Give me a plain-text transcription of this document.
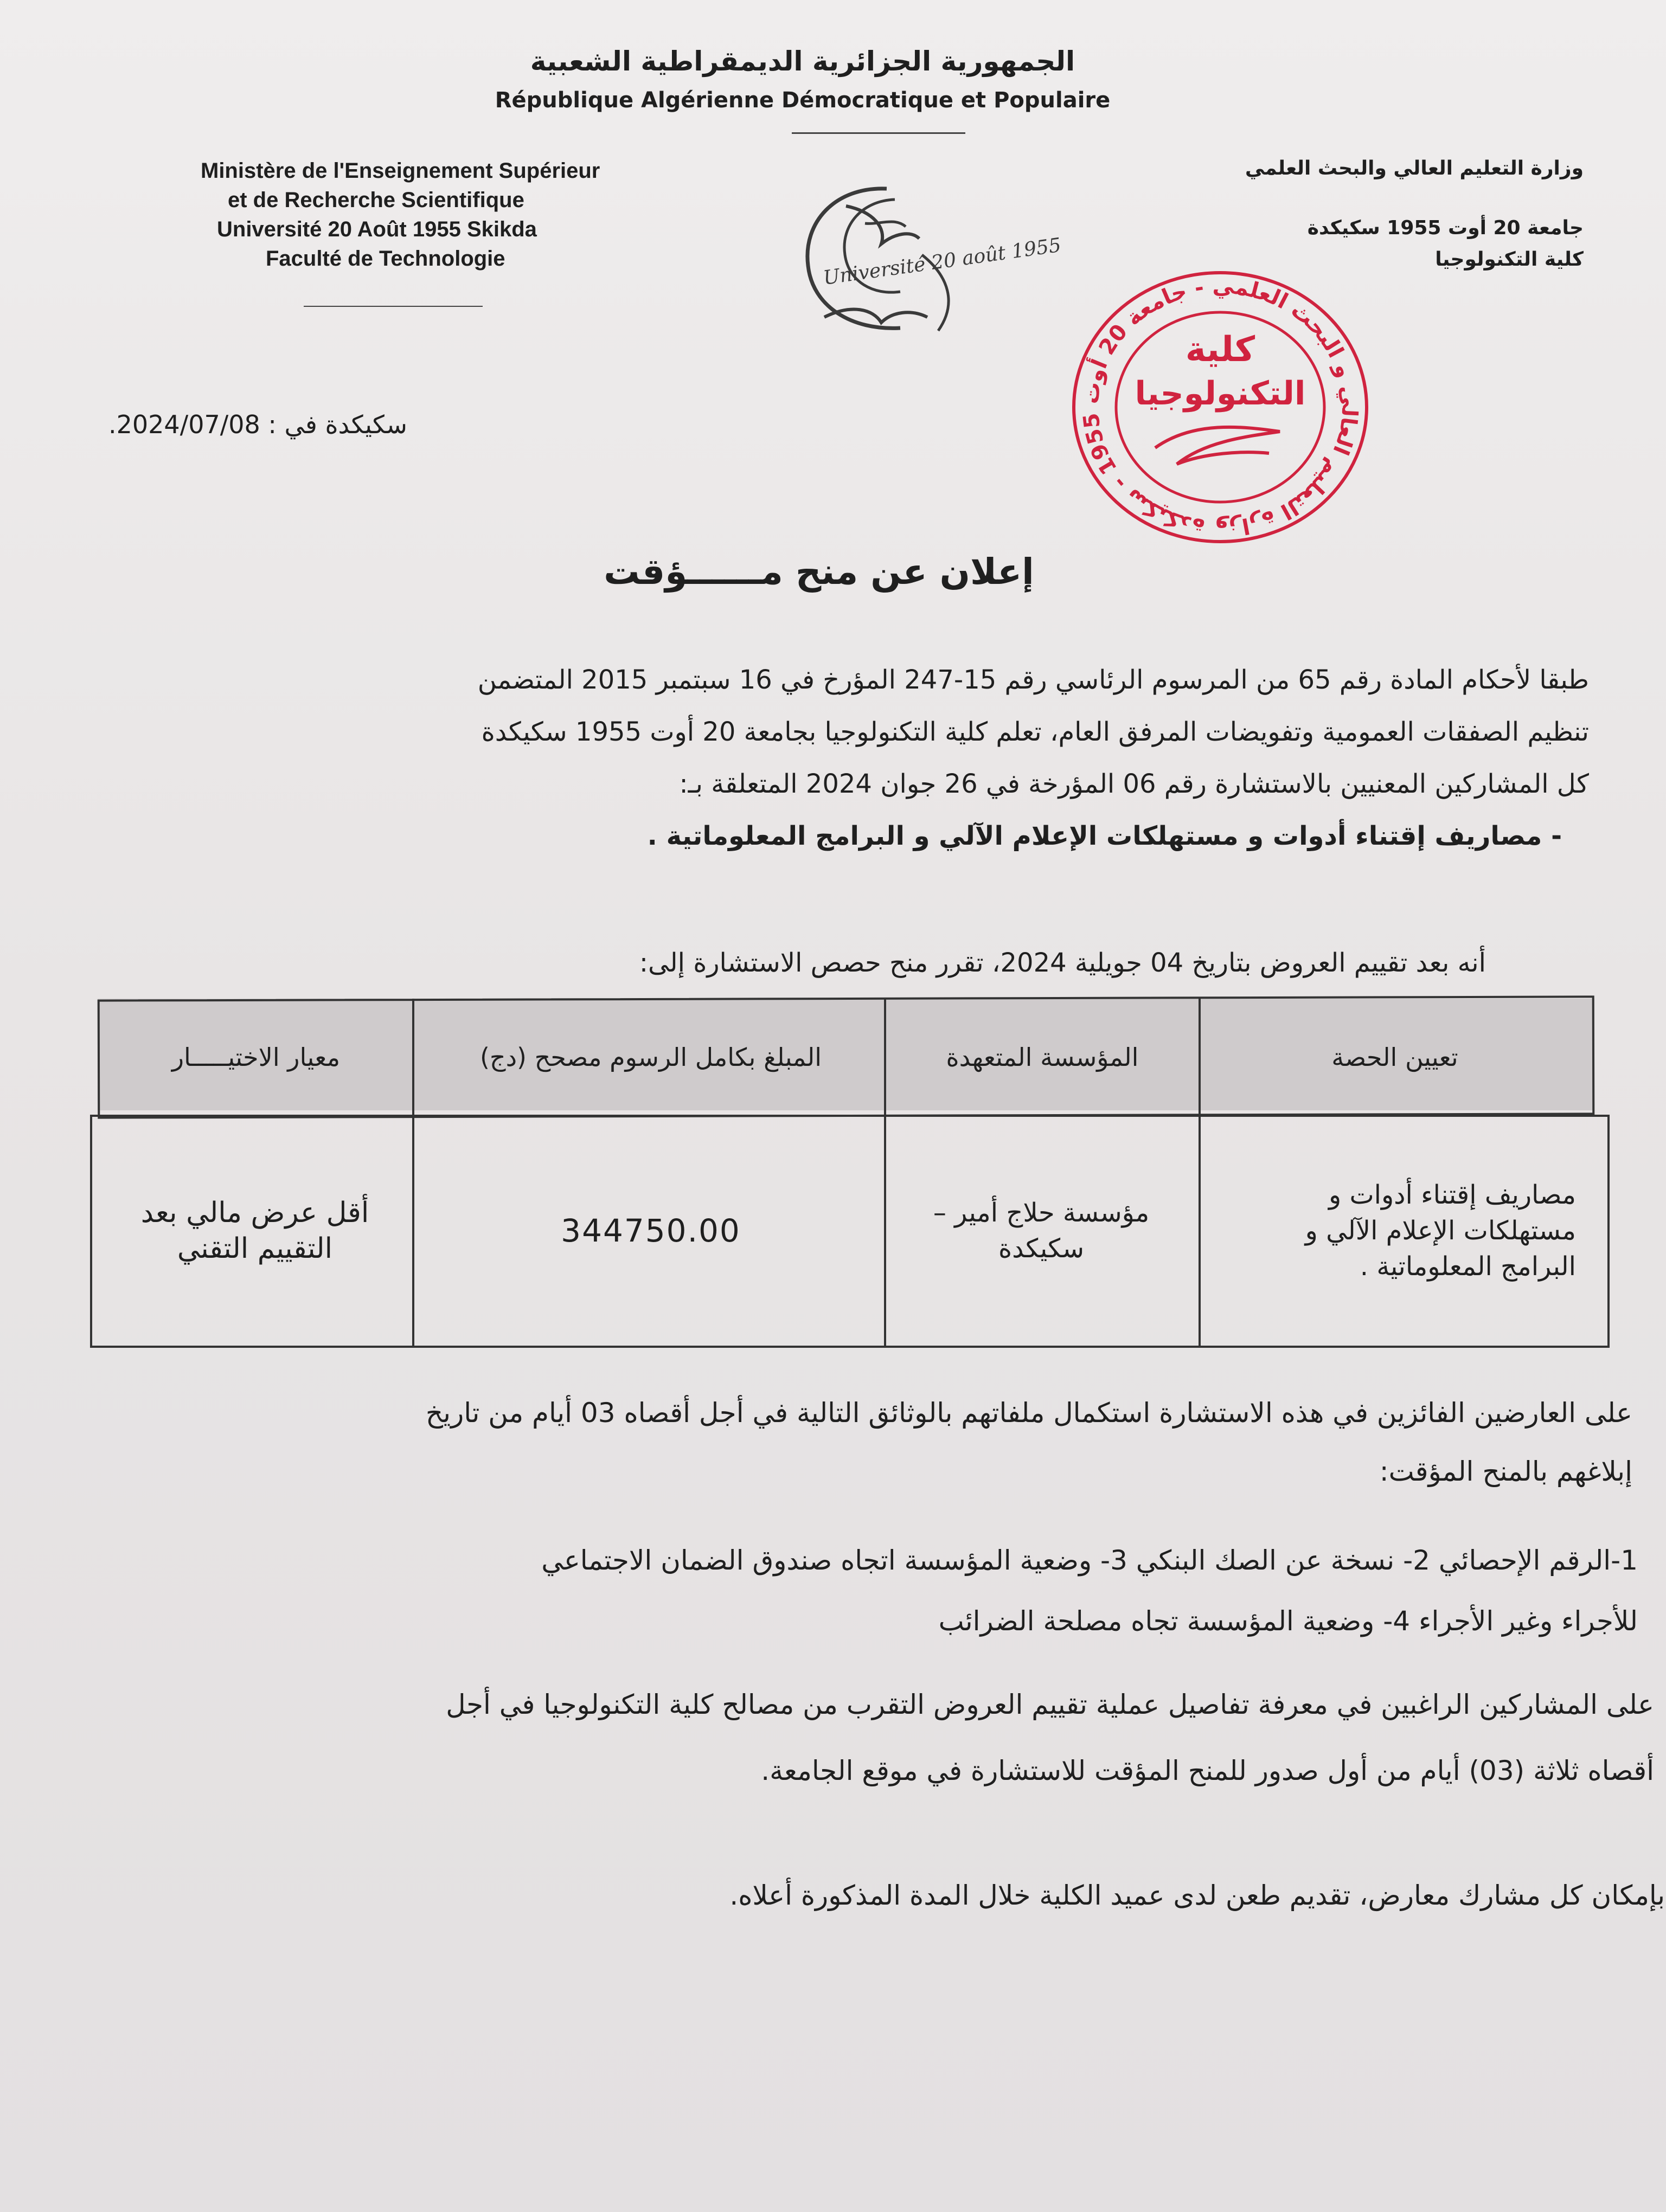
الجمهورية الجزائرية الديمقراطية الشعبية
République Algérienne Démocratique et Populaire
Ministère de l'Enseignement Supérieur
et de Recherche Scientifique
Université 20 Août 1955 Skikda
Faculté de Technologie
وزارة التعليم العالي والبحث العلمي
جامعة 20 أوت 1955 سكيكدة
كلية التكنولوجيا
Université 20 août 1955
وزارة التعليم العالي و البحث العلمي - جامعة 20 أوت 1955 - سكيكدة
كلية
التكنولوجيا
سكيكدة في : 2024/07/08.
إعلان عن منح مــــــؤقت
طبقا لأحكام المادة رقم 65 من المرسوم الرئاسي رقم 15-247 المؤرخ في 16 سبتمبر 2015 المتضمن
تنظيم الصفقات العمومية وتفويضات المرفق العام، تعلم كلية التكنولوجيا بجامعة 20 أوت 1955 سكيكدة
كل المشاركين المعنيين بالاستشارة رقم 06 المؤرخة في 26 جوان 2024 المتعلقة بـ:
- مصاريف إقتناء أدوات و مستهلكات الإعلام الآلي و البرامج المعلوماتية .
أنه بعد تقييم العروض بتاريخ 04 جويلية 2024، تقرر منح حصص الاستشارة إلى:
تعيين الحصة
المؤسسة المتعهدة
المبلغ بكامل الرسوم مصحح (دج)
معيار الاختيـــــار
مصاريف إقتناء أدوات و مستهلكات الإعلام الآلي و البرامج المعلوماتية .
مؤسسة حلاج أمير – سكيكدة
344750.00
أقل عرض مالي بعد التقييم التقني
على العارضين الفائزين في هذه الاستشارة استكمال ملفاتهم بالوثائق التالية في أجل أقصاه 03 أيام من تاريخ
إبلاغهم بالمنح المؤقت:
1-الرقم الإحصائي 2- نسخة عن الصك البنكي 3- وضعية المؤسسة اتجاه صندوق الضمان الاجتماعي
للأجراء وغير الأجراء 4- وضعية المؤسسة تجاه مصلحة الضرائب
على المشاركين الراغبين في معرفة تفاصيل عملية تقييم العروض التقرب من مصالح كلية التكنولوجيا في أجل
أقصاه ثلاثة (03) أيام من أول صدور للمنح المؤقت للاستشارة في موقع الجامعة.
بإمكان كل مشارك معارض، تقديم طعن لدى عميد الكلية خلال المدة المذكورة أعلاه.
